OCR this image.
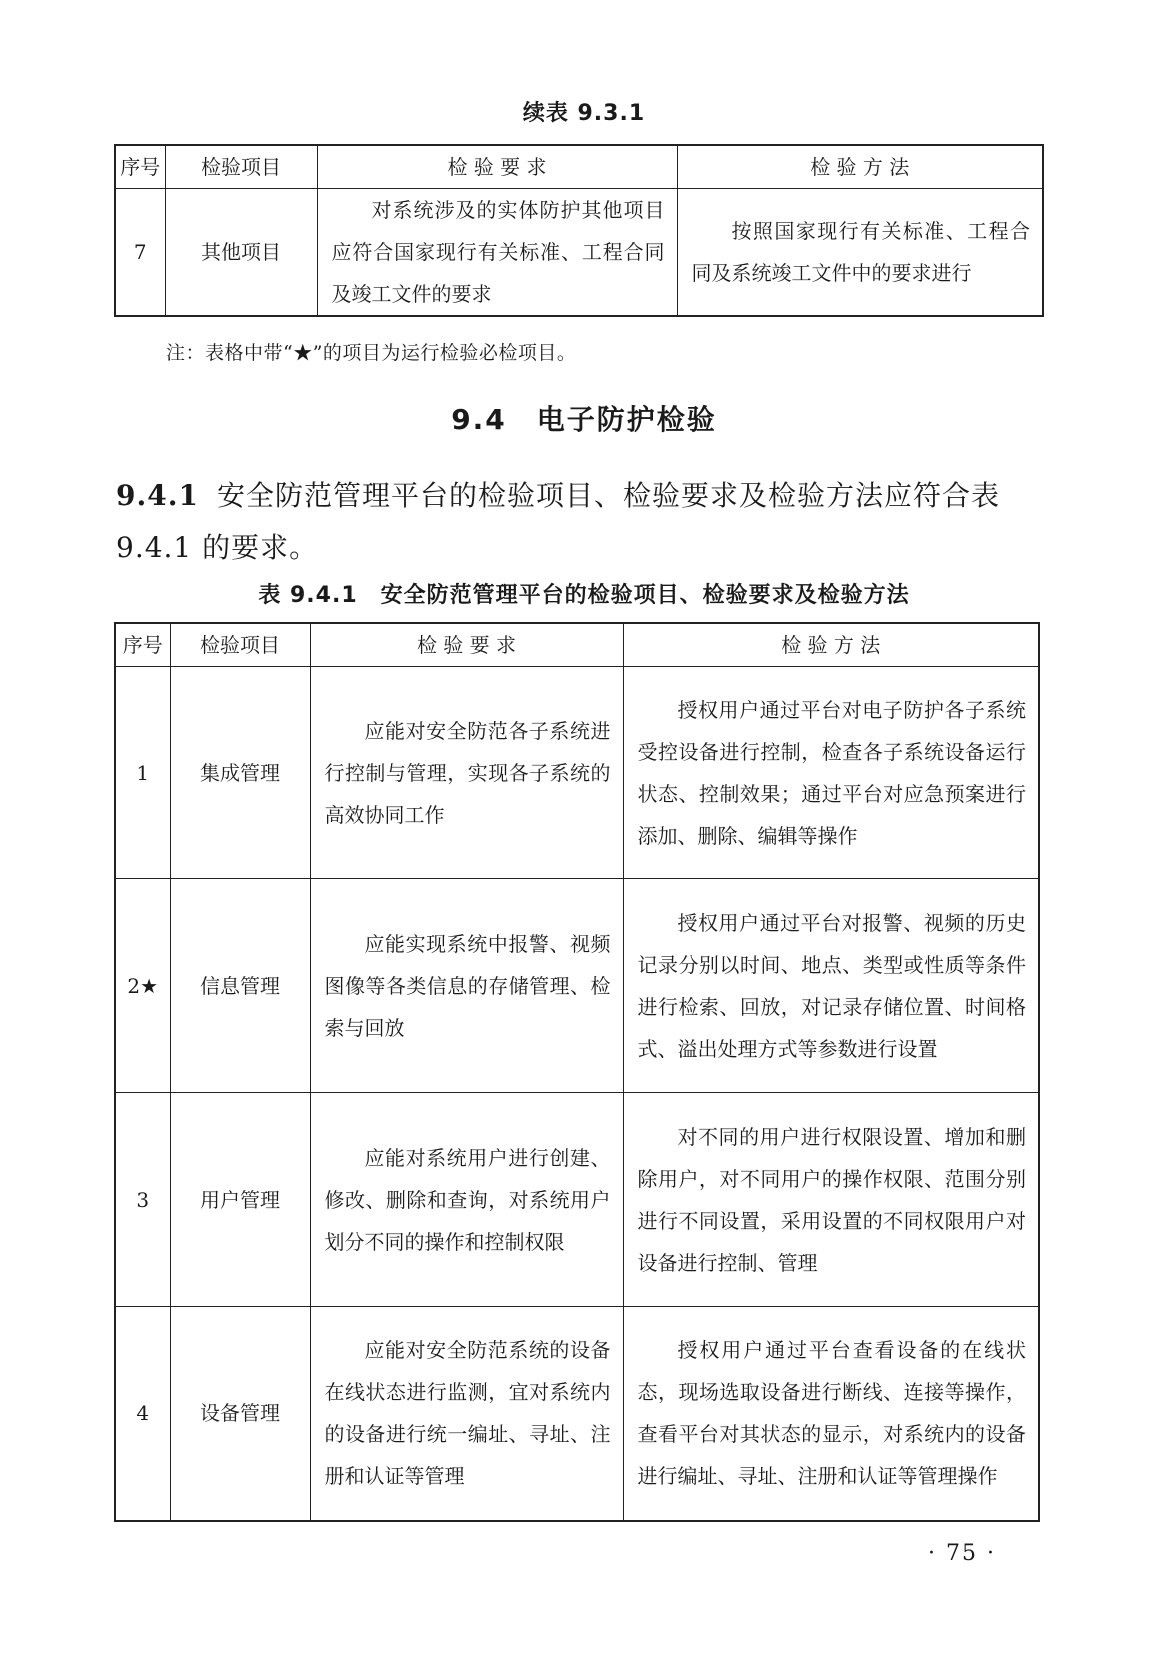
续表 9.3.1
序号	检验项目	检 验 要 求	检 验 方 法
7	其他项目	对系统涉及的实体防护其他项目应符合国家现行有关标准、工程合同及竣工文件的要求	按照国家现行有关标准、工程合同及系统竣工文件中的要求进行
注：表格中带“★”的项目为运行检验必检项目。
9.4　电子防护检验
9.4.1 安全防范管理平台的检验项目、检验要求及检验方法应符合表 9.4.1 的要求。
表 9.4.1　安全防范管理平台的检验项目、检验要求及检验方法
序号	检验项目	检 验 要 求	检 验 方 法
1	集成管理	应能对安全防范各子系统进行控制与管理，实现各子系统的高效协同工作	授权用户通过平台对电子防护各子系统受控设备进行控制，检查各子系统设备运行状态、控制效果；通过平台对应急预案进行添加、删除、编辑等操作
2★	信息管理	应能实现系统中报警、视频图像等各类信息的存储管理、检索与回放	授权用户通过平台对报警、视频的历史记录分别以时间、地点、类型或性质等条件进行检索、回放，对记录存储位置、时间格式、溢出处理方式等参数进行设置
3	用户管理	应能对系统用户进行创建、修改、删除和查询，对系统用户划分不同的操作和控制权限	对不同的用户进行权限设置、增加和删除用户，对不同用户的操作权限、范围分别进行不同设置，采用设置的不同权限用户对设备进行控制、管理
4	设备管理	应能对安全防范系统的设备在线状态进行监测，宜对系统内的设备进行统一编址、寻址、注册和认证等管理	授权用户通过平台查看设备的在线状态，现场选取设备进行断线、连接等操作，查看平台对其状态的显示，对系统内的设备进行编址、寻址、注册和认证等管理操作
· 75 ·
